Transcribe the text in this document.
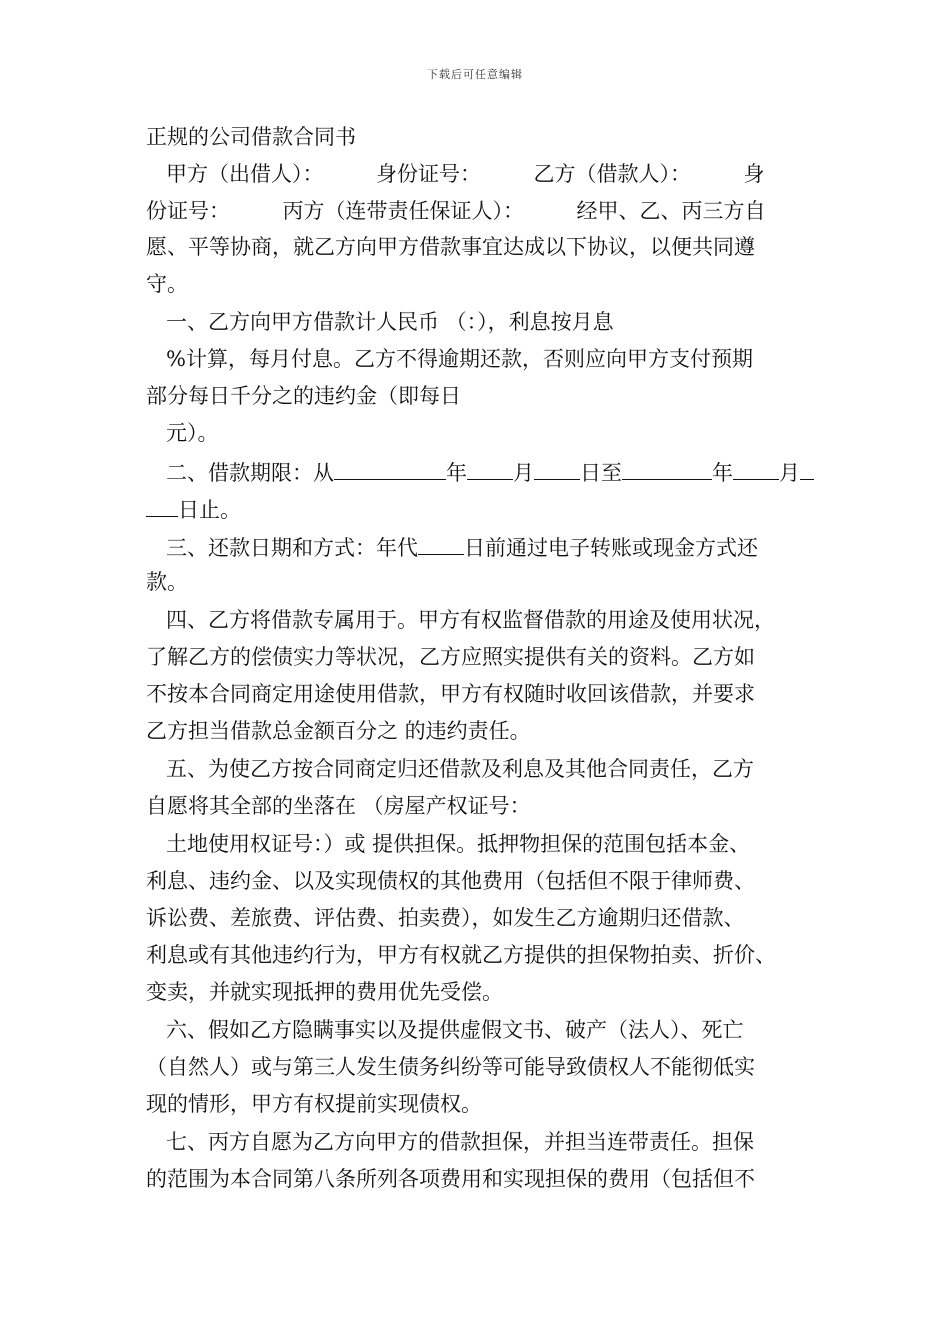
下载后可任意编辑
正规的公司借款合同书
甲方（出借人）：　　　身份证号：　　　乙方（借款人）：　　　身
份证号：　　　丙方（连带责任保证人）：　　　经甲、乙、丙三方自
愿、平等协商，就乙方向甲方借款事宜达成以下协议，以便共同遵
守。
一、乙方向甲方借款计人民币 （：），利息按月息
%计算，每月付息。乙方不得逾期还款，否则应向甲方支付预期
部分每日千分之的违约金（即每日
元）。
二、借款期限：从	年 月 日至	年 月
日止。
三、还款日期和方式：年代 日前通过电子转账或现金方式还
款。
四、乙方将借款专属用于。甲方有权监督借款的用途及使用状况，
了解乙方的偿债实力等状况，乙方应照实提供有关的资料。乙方如
不按本合同商定用途使用借款，甲方有权随时收回该借款，并要求
乙方担当借款总金额百分之 的违约责任。
五、为使乙方按合同商定归还借款及利息及其他合同责任，乙方
自愿将其全部的坐落在 （房屋产权证号：
土地使用权证号：）或 提供担保。抵押物担保的范围包括本金、
利息、违约金、以及实现债权的其他费用（包括但不限于律师费、
诉讼费、差旅费、评估费、拍卖费），如发生乙方逾期归还借款、
利息或有其他违约行为，甲方有权就乙方提供的担保物拍卖、折价、
变卖，并就实现抵押的费用优先受偿。
六、假如乙方隐瞒事实以及提供虚假文书、破产（法人）、死亡
（自然人）或与第三人发生债务纠纷等可能导致债权人不能彻低实
现的情形，甲方有权提前实现债权。
七、丙方自愿为乙方向甲方的借款担保，并担当连带责任。担保
的范围为本合同第八条所列各项费用和实现担保的费用（包括但不
